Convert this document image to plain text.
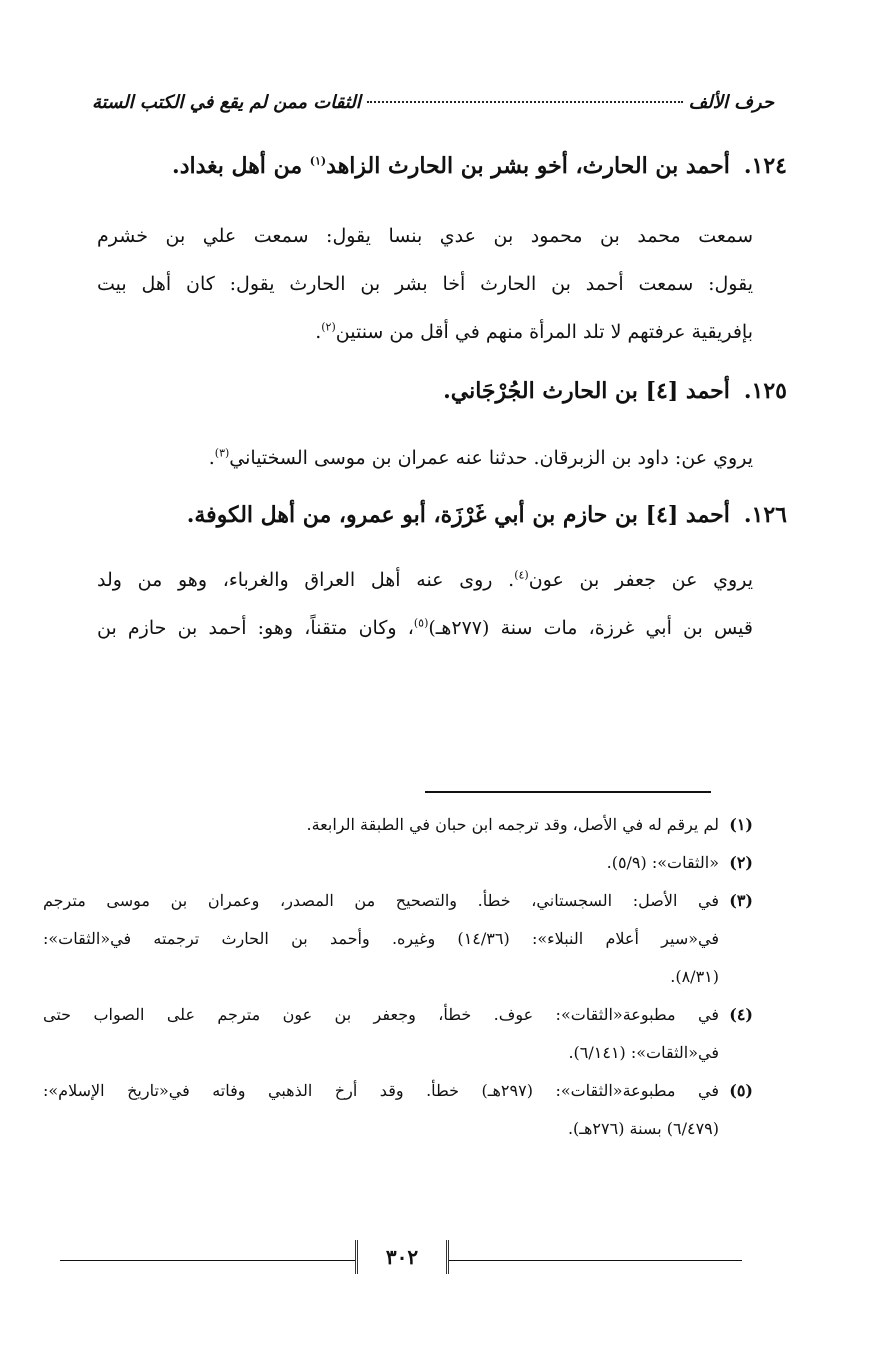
حرف الألف
الثقات ممن لم يقع في الكتب الستة
١٢٤.أحمد بن الحارث، أخو بشر بن الحارث الزاهد$^{(١)}$ من أهل بغداد.
سمعت محمد بن محمود بن عدي بنسا يقول: سمعت علي بن خشرم
يقول: سمعت أحمد بن الحارث أخا بشر بن الحارث يقول: كان أهل بيت
بإفريقية عرفتهم لا تلد المرأة منهم في أقل من سنتين$^{(٢)}$.
١٢٥.أحمد [٤] بن الحارث الجُرْجَاني.
يروي عن: داود بن الزبرقان. حدثنا عنه عمران بن موسى السختياني$^{(٣)}$.
١٢٦.أحمد [٤] بن حازم بن أبي غَرْزَة، أبو عمرو، من أهل الكوفة.
يروي عن جعفر بن عون$^{(٤)}$. روى عنه أهل العراق والغرباء، وهو من ولد
قيس بن أبي غرزة، مات سنة (٢٧٧هـ)$^{(٥)}$، وكان متقناً، وهو: أحمد بن حازم بن
(١)
لم يرقم له في الأصل، وقد ترجمه ابن حبان في الطبقة الرابعة.
(٢)
«الثقات»: (٥/٩).
(٣)
في الأصل: السجستاني، خطأ. والتصحيح من المصدر، وعمران بن موسى مترجم
في«سير أعلام النبلاء»: (١٤/٣٦) وغيره. وأحمد بن الحارث ترجمته في«الثقات»:
(٨/٣١).
(٤)
في مطبوعة«الثقات»: عوف. خطأ، وجعفر بن عون مترجم على الصواب حتى
في«الثقات»: (٦/١٤١).
(٥)
في مطبوعة«الثقات»: (٢٩٧هـ) خطأ. وقد أرخ الذهبي وفاته في«تاريخ الإسلام»:
(٦/٤٧٩) بسنة (٢٧٦هـ).
٣٠٢
